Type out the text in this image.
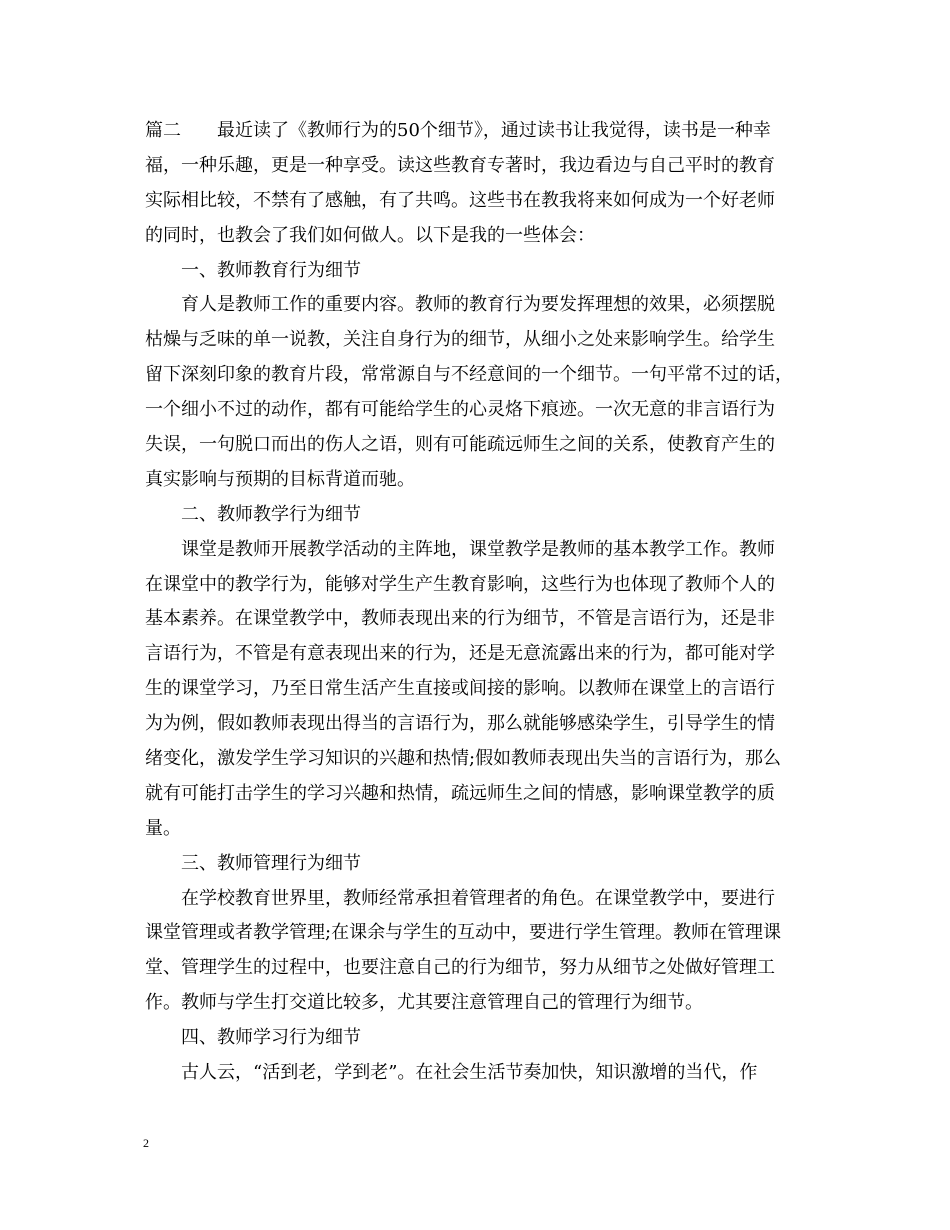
篇二　　最近读了《教师行为的50个细节》，通过读书让我觉得，读书是一种幸
福，一种乐趣，更是一种享受。读这些教育专著时，我边看边与自己平时的教育
实际相比较，不禁有了感触，有了共鸣。这些书在教我将来如何成为一个好老师
的同时，也教会了我们如何做人。以下是我的一些体会：
　　一、教师教育行为细节
　　育人是教师工作的重要内容。教师的教育行为要发挥理想的效果，必须摆脱
枯燥与乏味的单一说教，关注自身行为的细节，从细小之处来影响学生。给学生
留下深刻印象的教育片段，常常源自与不经意间的一个细节。一句平常不过的话，
一个细小不过的动作，都有可能给学生的心灵烙下痕迹。一次无意的非言语行为
失误，一句脱口而出的伤人之语，则有可能疏远师生之间的关系，使教育产生的
真实影响与预期的目标背道而驰。
　　二、教师教学行为细节
　　课堂是教师开展教学活动的主阵地，课堂教学是教师的基本教学工作。教师
在课堂中的教学行为，能够对学生产生教育影响，这些行为也体现了教师个人的
基本素养。在课堂教学中，教师表现出来的行为细节，不管是言语行为，还是非
言语行为，不管是有意表现出来的行为，还是无意流露出来的行为，都可能对学
生的课堂学习，乃至日常生活产生直接或间接的影响。以教师在课堂上的言语行
为为例，假如教师表现出得当的言语行为，那么就能够感染学生，引导学生的情
绪变化，激发学生学习知识的兴趣和热情;假如教师表现出失当的言语行为，那么
就有可能打击学生的学习兴趣和热情，疏远师生之间的情感，影响课堂教学的质
量。
　　三、教师管理行为细节
　　在学校教育世界里，教师经常承担着管理者的角色。在课堂教学中，要进行
课堂管理或者教学管理;在课余与学生的互动中，要进行学生管理。教师在管理课
堂、管理学生的过程中，也要注意自己的行为细节，努力从细节之处做好管理工
作。教师与学生打交道比较多，尤其要注意管理自己的管理行为细节。
　　四、教师学习行为细节
　　古人云，“活到老，学到老”。在社会生活节奏加快，知识激增的当代，作
2
